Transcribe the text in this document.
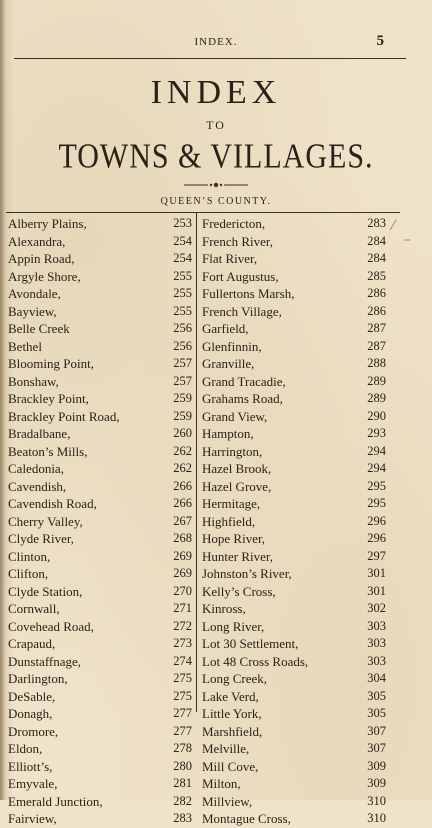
INDEX.	5
INDEX
TO
TOWNS & VILLAGES.
QUEEN’S COUNTY.
Alberry Plains,	253
Alexandra,	254
Appin Road,	254
Argyle Shore,	255
Avondale,	255
Bayview,	255
Belle Creek	256
Bethel	256
Blooming Point,	257
Bonshaw,	257
Brackley Point,	259
Brackley Point Road,	259
Bradalbane,	260
Beaton’s Mills,	262
Caledonia,	262
Cavendish,	266
Cavendish Road,	266
Cherry Valley,	267
Clyde River,	268
Clinton,	269
Clifton,	269
Clyde Station,	270
Cornwall,	271
Covehead Road,	272
Crapaud,	273
Dunstaffnage,	274
Darlington,	275
DeSable,	275
Donagh,	277
Dromore,	277
Eldon,	278
Elliott’s,	280
Emyvale,	281
Emerald Junction,	282
Fairview,	283
Fredericton,	283
French River,	284
Flat River,	284
Fort Augustus,	285
Fullertons Marsh,	286
French Village,	286
Garfield,	287
Glenfinnin,	287
Granville,	288
Grand Tracadie,	289
Grahams Road,	289
Grand View,	290
Hampton,	293
Harrington,	294
Hazel Brook,	294
Hazel Grove,	295
Hermitage,	295
Highfield,	296
Hope River,	296
Hunter River,	297
Johnston’s River,	301
Kelly’s Cross,	301
Kinross,	302
Long River,	303
Lot 30 Settlement,	303
Lot 48 Cross Roads,	303
Long Creek,	304
Lake Verd,	305
Little York,	305
Marshfield,	307
Melville,	307
Mill Cove,	309
Milton,	309
Millview,	310
Montague Cross,	310
⁄
–
